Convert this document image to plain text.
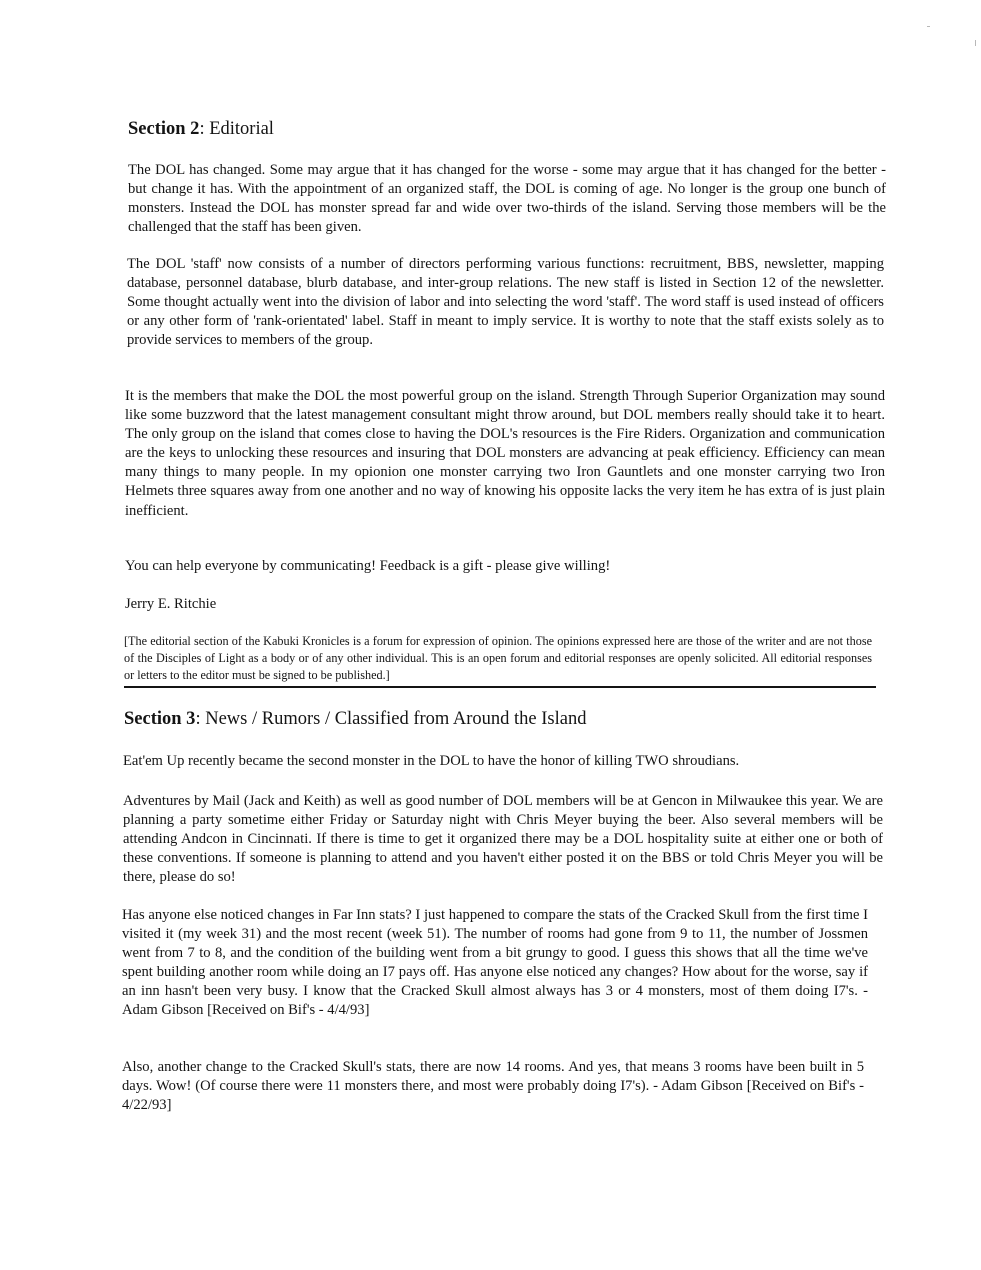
Section 2: Editorial

The DOL has changed. Some may argue that it has changed for the worse - some may argue that it has changed for the better - but change it has. With the appointment of an organized staff, the DOL is coming of age. No longer is the group one bunch of monsters. Instead the DOL has monster spread far and wide over two-thirds of the island. Serving those members will be the challenged that the staff has been given.

The DOL 'staff' now consists of a number of directors performing various functions: recruitment, BBS, newsletter, mapping database, personnel database, blurb database, and inter-group relations. The new staff is listed in Section 12 of the newsletter. Some thought actually went into the division of labor and into selecting the word 'staff'. The word staff is used instead of officers or any other form of 'rank-orientated' label. Staff in meant to imply service. It is worthy to note that the staff exists solely as to provide services to members of the group.

It is the members that make the DOL the most powerful group on the island. Strength Through Superior Organization may sound like some buzzword that the latest management consultant might throw around, but DOL members really should take it to heart. The only group on the island that comes close to having the DOL's resources is the Fire Riders. Organization and communication are the keys to unlocking these resources and insuring that DOL monsters are advancing at peak efficiency. Efficiency can mean many things to many people. In my opionion one monster carrying two Iron Gauntlets and one monster carrying two Iron Helmets three squares away from one another and no way of knowing his opposite lacks the very item he has extra of is just plain inefficient.

You can help everyone by communicating! Feedback is a gift - please give willing!

Jerry E. Ritchie

[The editorial section of the Kabuki Kronicles is a forum for expression of opinion. The opinions expressed here are those of the writer and are not those of the Disciples of Light as a body or of any other individual. This is an open forum and editorial responses are openly solicited. All editorial responses or letters to the editor must be signed to be published.]

Section 3: News / Rumors / Classified from Around the Island

Eat'em Up recently became the second monster in the DOL to have the honor of killing TWO shroudians.

Adventures by Mail (Jack and Keith) as well as good number of DOL members will be at Gencon in Milwaukee this year. We are planning a party sometime either Friday or Saturday night with Chris Meyer buying the beer. Also several members will be attending Andcon in Cincinnati. If there is time to get it organized there may be a DOL hospitality suite at either one or both of these conventions. If someone is planning to attend and you haven't either posted it on the BBS or told Chris Meyer you will be there, please do so!

Has anyone else noticed changes in Far Inn stats? I just happened to compare the stats of the Cracked Skull from the first time I visited it (my week 31) and the most recent (week 51). The number of rooms had gone from 9 to 11, the number of Jossmen went from 7 to 8, and the condition of the building went from a bit grungy to good. I guess this shows that all the time we've spent building another room while doing an I7 pays off. Has anyone else noticed any changes? How about for the worse, say if an inn hasn't been very busy. I know that the Cracked Skull almost always has 3 or 4 monsters, most of them doing I7's. - Adam Gibson [Received on Bif's - 4/4/93]

Also, another change to the Cracked Skull's stats, there are now 14 rooms. And yes, that means 3 rooms have been built in 5 days. Wow! (Of course there were 11 monsters there, and most were probably doing I7's). - Adam Gibson [Received on Bif's - 4/22/93]
